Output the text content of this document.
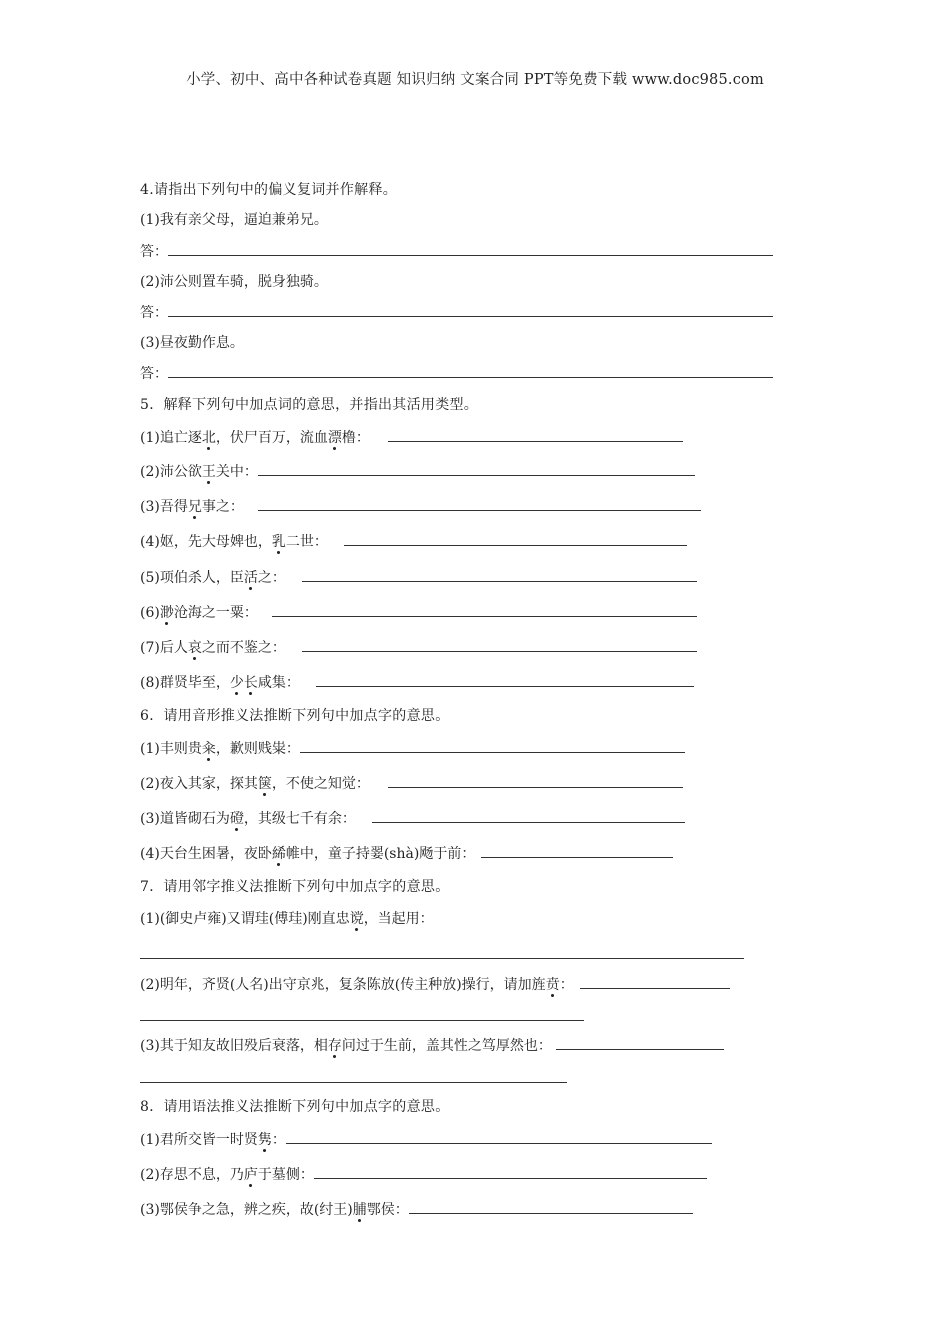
小学、初中、高中各种试卷真题 知识归纳 文案合同 PPT等免费下载 www.doc985.com
4.请指出下列句中的偏义复词并作解释。
(1)我有亲父母，逼迫兼弟兄。
答：
(2)沛公则置车骑，脱身独骑。
答：
(3)昼夜勤作息。
答：
5．解释下列句中加点词的意思，并指出其活用类型。
(1)追亡逐北，伏尸百万，流血漂橹：
(2)沛公欲王关中：
(3)吾得兄事之：
(4)妪，先大母婢也，乳二世：
(5)项伯杀人，臣活之：
(6)渺沧海之一粟：
(7)后人哀之而不鉴之：
(8)群贤毕至，少长咸集：
6．请用音形推义法推断下列句中加点字的意思。
(1)丰则贵籴，歉则贱粜：
(2)夜入其家，探其箧，不使之知觉：
(3)道皆砌石为磴，其级七千有余：
(4)天台生困暑，夜卧絺帷中，童子持翣(shà)飏于前：
7．请用邻字推义法推断下列句中加点字的意思。
(1)(御史卢雍)又谓珪(傅珪)刚直忠谠，当起用：
(2)明年，齐贤(人名)出守京兆，复条陈放(传主种放)操行，请加旌贲：
(3)其于知友故旧殁后衰落，相存问过于生前，盖其性之笃厚然也：
8．请用语法推义法推断下列句中加点字的意思。
(1)君所交皆一时贤隽：
(2)存思不息，乃庐于墓侧：
(3)鄂侯争之急，辨之疾，故(纣王)脯鄂侯：
